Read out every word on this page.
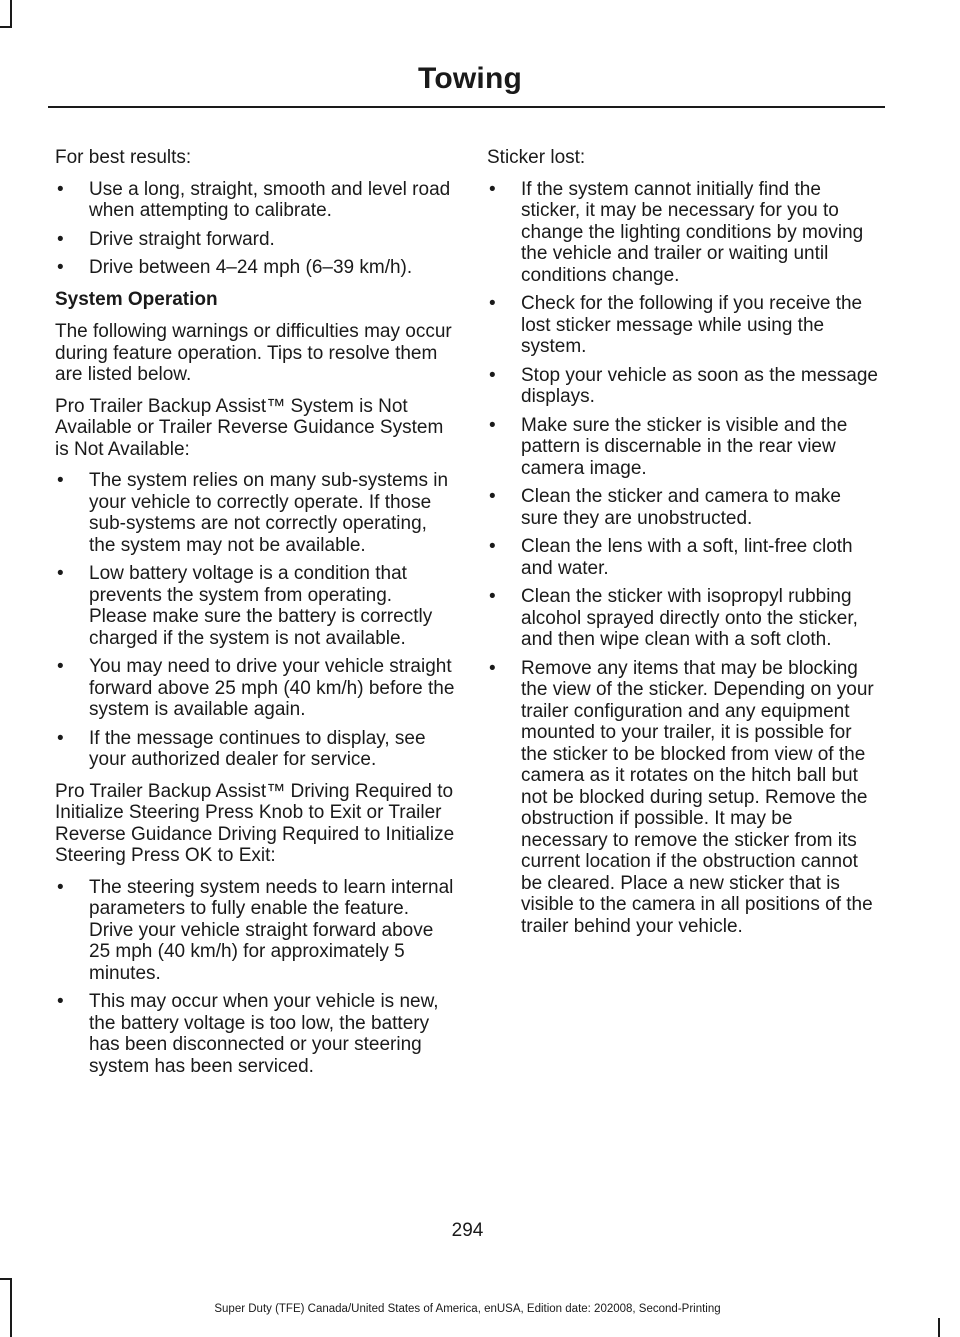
Towing

For best results:

• Use a long, straight, smooth and level road when attempting to calibrate.
• Drive straight forward.
• Drive between 4–24 mph (6–39 km/h).

System Operation

The following warnings or difficulties may occur during feature operation. Tips to resolve them are listed below.

Pro Trailer Backup Assist™ System is Not Available or Trailer Reverse Guidance System is Not Available:

• The system relies on many sub-systems in your vehicle to correctly operate. If those sub-systems are not correctly operating, the system may not be available.
• Low battery voltage is a condition that prevents the system from operating. Please make sure the battery is correctly charged if the system is not available.
• You may need to drive your vehicle straight forward above 25 mph (40 km/h) before the system is available again.
• If the message continues to display, see your authorized dealer for service.

Pro Trailer Backup Assist™ Driving Required to Initialize Steering Press Knob to Exit or Trailer Reverse Guidance Driving Required to Initialize Steering Press OK to Exit:

• The steering system needs to learn internal parameters to fully enable the feature. Drive your vehicle straight forward above 25 mph (40 km/h) for approximately 5 minutes.
• This may occur when your vehicle is new, the battery voltage is too low, the battery has been disconnected or your steering system has been serviced.

Sticker lost:

• If the system cannot initially find the sticker, it may be necessary for you to change the lighting conditions by moving the vehicle and trailer or waiting until conditions change.
• Check for the following if you receive the lost sticker message while using the system.
• Stop your vehicle as soon as the message displays.
• Make sure the sticker is visible and the pattern is discernable in the rear view camera image.
• Clean the sticker and camera to make sure they are unobstructed.
• Clean the lens with a soft, lint-free cloth and water.
• Clean the sticker with isopropyl rubbing alcohol sprayed directly onto the sticker, and then wipe clean with a soft cloth.
• Remove any items that may be blocking the view of the sticker. Depending on your trailer configuration and any equipment mounted to your trailer, it is possible for the sticker to be blocked from view of the camera as it rotates on the hitch ball but not be blocked during setup. Remove the obstruction if possible. It may be necessary to remove the sticker from its current location if the obstruction cannot be cleared. Place a new sticker that is visible to the camera in all positions of the trailer behind your vehicle.
294
Super Duty (TFE) Canada/United States of America, enUSA, Edition date: 202008, Second-Printing
